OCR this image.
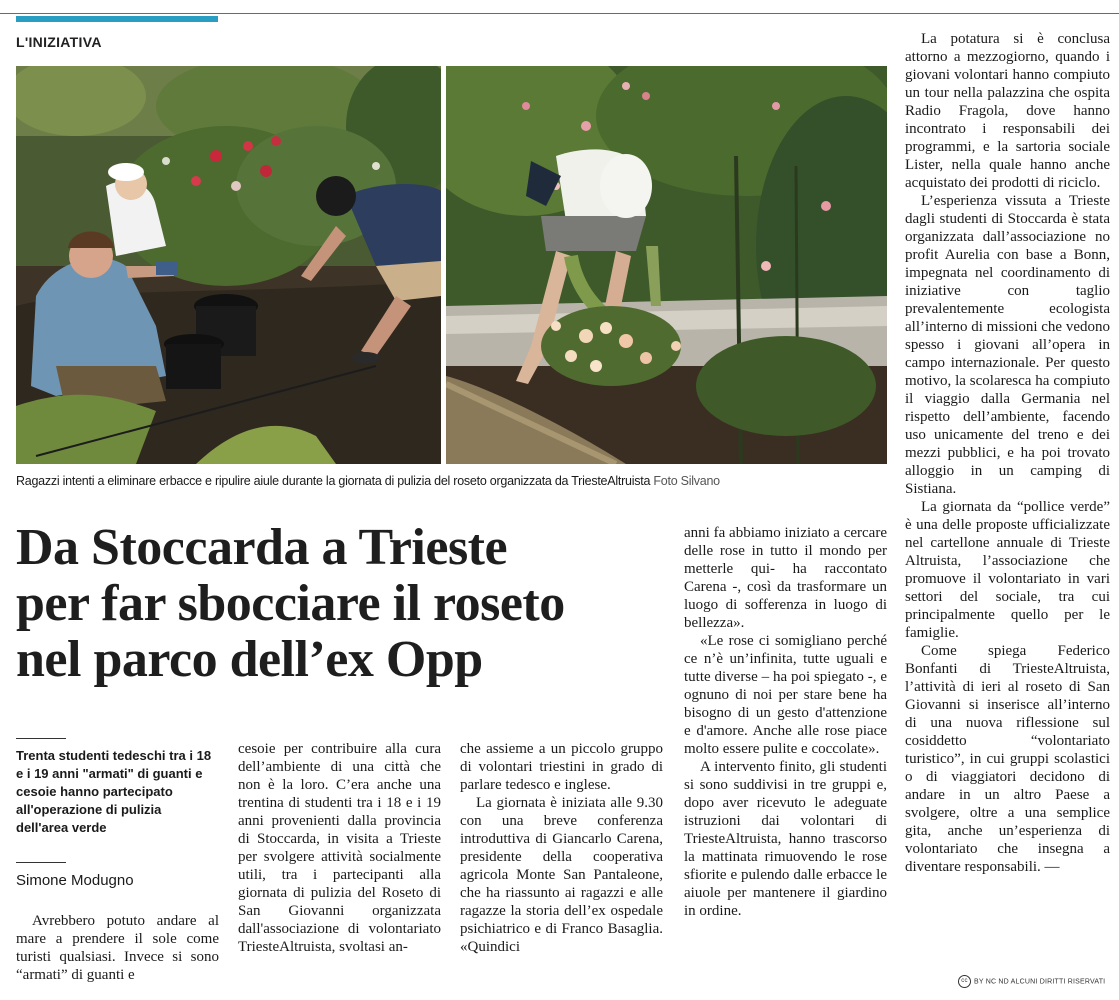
L'INIZIATIVA
Ragazzi intenti a eliminare erbacce e ripulire aiule durante la giornata di pulizia del roseto organizzata da TriesteAltruista Foto Silvano
Da Stoccarda a Trieste
per far sbocciare il roseto
nel parco dell’ex Opp
Trenta studenti tedeschi tra i 18 e i 19 anni "armati" di guanti e cesoie hanno partecipato all'operazione di pulizia dell'area verde
Simone Modugno

Avrebbero potuto andare al mare a prendere il sole come turisti qualsiasi. Invece si sono “armati” di guanti e

cesoie per contribuire alla cura dell’ambiente di una città che non è la loro. C’era anche una trentina di studenti tra i 18 e i 19 anni provenienti dalla provincia di Stoccarda, in visita a Trieste per svolgere attività socialmente utili, tra i partecipanti alla giornata di pulizia del Roseto di San Giovanni organizzata dall'associazione di volontariato TriesteAltruista, svoltasi an-

che assieme a un piccolo gruppo di volontari triestini in grado di parlare tedesco e inglese.

La giornata è iniziata alle 9.30 con una breve conferenza introduttiva di Giancarlo Carena, presidente della cooperativa agricola Monte San Pantaleone, che ha riassunto ai ragazzi e alle ragazze la storia dell’ex ospedale psichiatrico e di Franco Basaglia. «Quindici

anni fa abbiamo iniziato a cercare delle rose in tutto il mondo per metterle qui- ha raccontato Carena -, così da trasformare un luogo di sofferenza in luogo di bellezza».

«Le rose ci somigliano perché ce n’è un’infinita, tutte uguali e tutte diverse – ha poi spiegato -, e ognuno di noi per stare bene ha bisogno di un gesto d'attenzione e d'amore. Anche alle rose piace molto essere pulite e coccolate».

A intervento finito, gli studenti si sono suddivisi in tre gruppi e, dopo aver ricevuto le adeguate istruzioni dai volontari di TriesteAltruista, hanno trascorso la mattinata rimuovendo le rose sfiorite e pulendo dalle erbacce le aiuole per mantenere il giardino in ordine.

La potatura si è conclusa attorno a mezzogiorno, quando i giovani volontari hanno compiuto un tour nella palazzina che ospita Radio Fragola, dove hanno incontrato i responsabili dei programmi, e la sartoria sociale Lister, nella quale hanno anche acquistato dei prodotti di riciclo.

L’esperienza vissuta a Trieste dagli studenti di Stoccarda è stata organizzata dall’associazione no profit Aurelia con base a Bonn, impegnata nel coordinamento di iniziative con taglio prevalentemente ecologista all’interno di missioni che vedono spesso i giovani all’opera in campo internazionale. Per questo motivo, la scolaresca ha compiuto il viaggio dalla Germania nel rispetto dell’ambiente, facendo uso unicamente del treno e dei mezzi pubblici, e ha poi trovato alloggio in un camping di Sistiana.

La giornata da “pollice verde” è una delle proposte ufficializzate nel cartellone annuale di Trieste Altruista, l’associazione che promuove il volontariato in vari settori del sociale, tra cui principalmente quello per le famiglie.

Come spiega Federico Bonfanti di TriesteAltruista, l’attività di ieri al roseto di San Giovanni si inserisce all’interno di una nuova riflessione sul cosiddetto “volontariato turistico”, in cui gruppi scolastici o di viaggiatori decidono di andare in un altro Paese a svolgere, oltre a una semplice gita, anche un’esperienza di volontariato che insegna a diventare responsabili. —

cc BY NC ND ALCUNI DIRITTI RISERVATI
